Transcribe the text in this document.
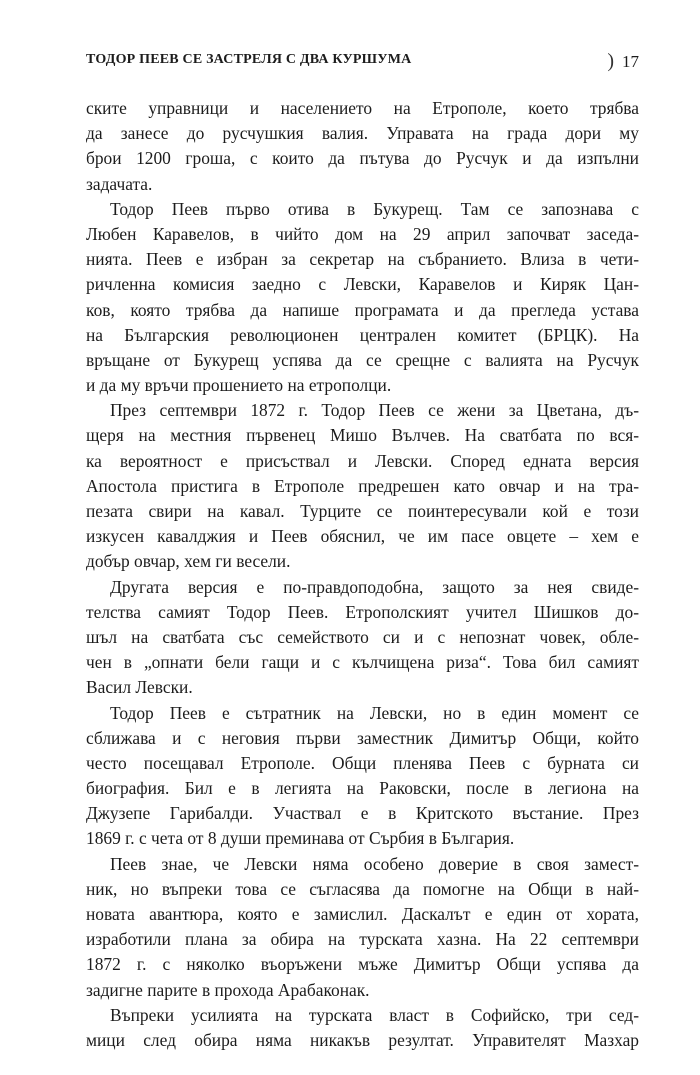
ТОДОР ПЕЕВ СЕ ЗАСТРЕЛЯ С ДВА КУРШУМА	) 17

ските управници и населението на Етрополе, което трябва
да занесе до русчушкия валия. Управата на града дори му
брои 1200 гроша, с които да пътува до Русчук и да изпълни
задачата.

Тодор Пеев първо отива в Букурещ. Там се запознава с
Любен Каравелов, в чийто дом на 29 април започват заседа-
нията. Пеев е избран за секретар на събранието. Влиза в чети-
ричленна комисия заедно с Левски, Каравелов и Киряк Цан-
ков, която трябва да напише програмата и да прегледа устава
на Българския революционен централен комитет (БРЦК). На
връщане от Букурещ успява да се срещне с валията на Русчук
и да му връчи прошението на етрополци.

През септември 1872 г. Тодор Пеев се жени за Цветана, дъ-
щеря на местния първенец Мишо Вълчев. На сватбата по вся-
ка вероятност е присъствал и Левски. Според едната версия
Апостола пристига в Етрополе предрешен като овчар и на тра-
пезата свири на кавал. Турците се поинтересували кой е този
изкусен кавалджия и Пеев обяснил, че им пасе овцете – хем е
добър овчар, хем ги весели.

Другата версия е по-правдоподобна, защото за нея свиде-
телства самият Тодор Пеев. Етрополският учител Шишков до-
шъл на сватбата със семейството си и с непознат човек, облe-
чен в „опнати бели гащи и с кълчищена риза“. Това бил самият
Васил Левски.

Тодор Пеев е сътратник на Левски, но в един момент се
сближава и с неговия първи заместник Димитър Общи, който
често посещавал Етрополе. Общи пленява Пеев с бурната си
биография. Бил е в легията на Раковски, после в легиона на
Джузепе Гарибалди. Участвал е в Критското въстание. През
1869 г. с чета от 8 души преминава от Сърбия в България.

Пеев знае, че Левски няма особено доверие в своя замест-
ник, но въпреки това се съгласява да помогне на Общи в най-
новата авантюра, която е замислил. Даскалът е един от хората,
изработили плана за обира на турската хазна. На 22 септември
1872 г. с няколко въоръжени мъже Димитър Общи успява да
задигне парите в прохода Арабаконак.

Въпреки усилията на турската власт в Софийско, три сед-
мици след обира няма никакъв резултат. Управителят Мазхар
